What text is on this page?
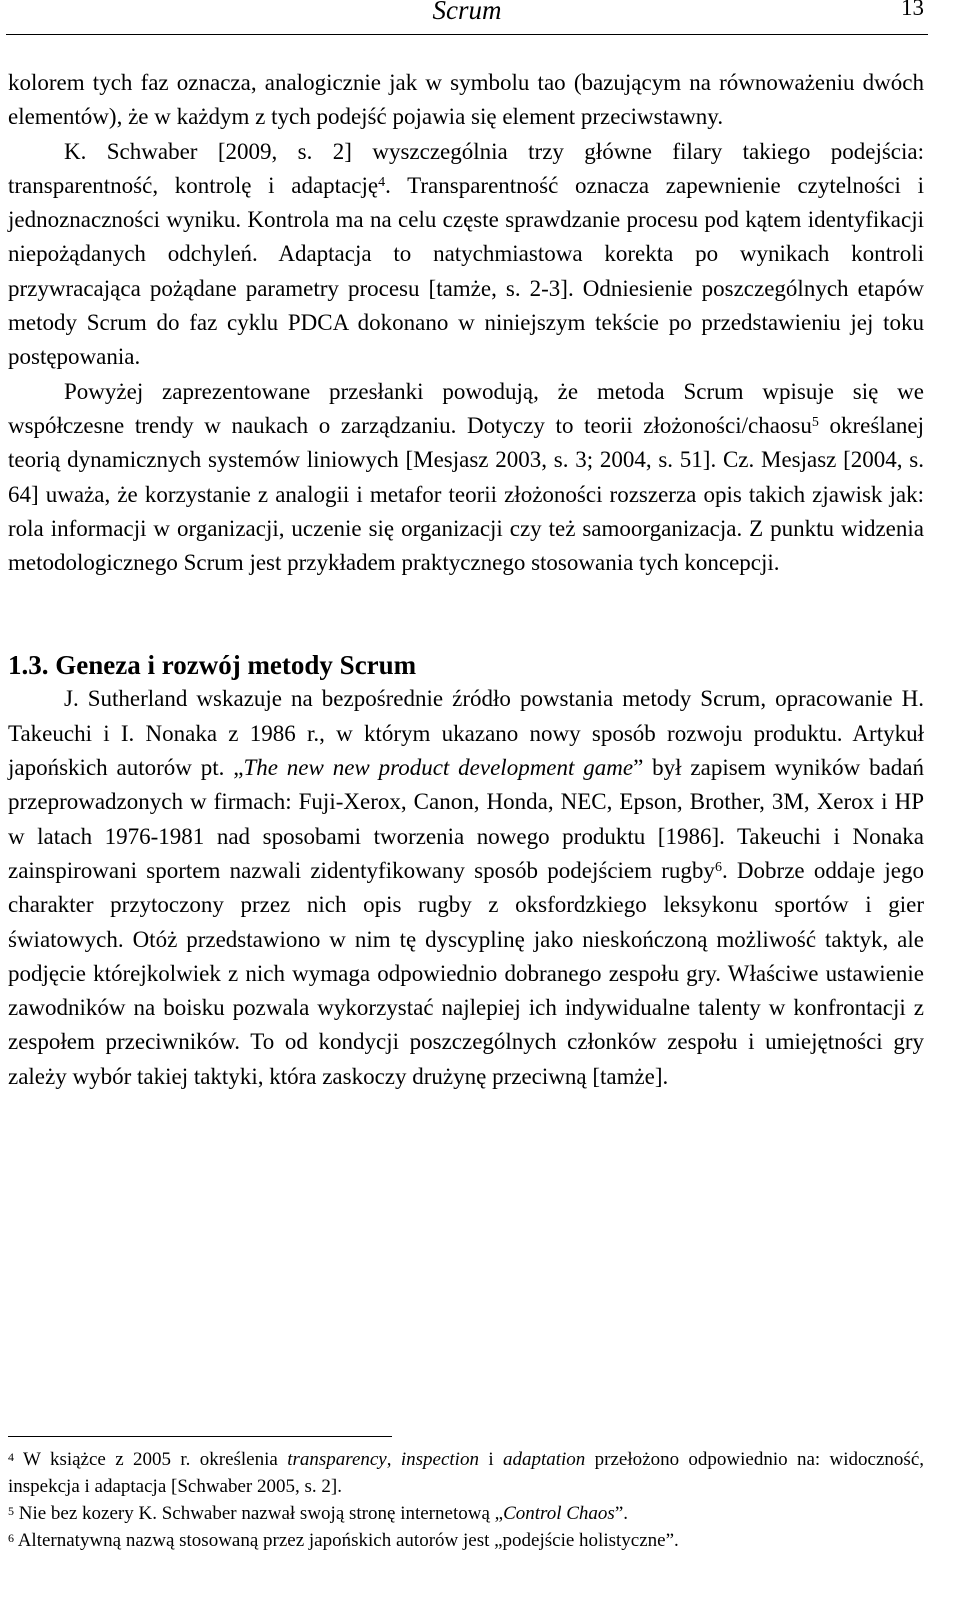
Scrum	13

kolorem tych faz oznacza, analogicznie jak w symbolu tao (bazującym na równoważeniu dwóch elementów), że w każdym z tych podejść pojawia się element przeciwstawny.

K. Schwaber [2009, s. 2] wyszczególnia trzy główne filary takiego podejścia: transparentność, kontrolę i adaptację$^4$. Transparentność oznacza zapewnienie czytelności i jednoznaczności wyniku. Kontrola ma na celu częste sprawdzanie procesu pod kątem identyfikacji niepożądanych odchyleń. Adaptacja to natychmiastowa korekta po wynikach kontroli przywracająca pożądane parametry procesu [tamże, s. 2-3]. Odniesienie poszczególnych etapów metody Scrum do faz cyklu PDCA dokonano w niniejszym tekście po przedstawieniu jej toku postępowania.

Powyżej zaprezentowane przesłanki powodują, że metoda Scrum wpisuje się we współczesne trendy w naukach o zarządzaniu. Dotyczy to teorii złożoności/chaosu$^5$ określanej teorią dynamicznych systemów liniowych [Mesjasz 2003, s. 3; 2004, s. 51]. Cz. Mesjasz [2004, s. 64] uważa, że korzystanie z analogii i metafor teorii złożoności rozszerza opis takich zjawisk jak: rola informacji w organizacji, uczenie się organizacji czy też samoorganizacja. Z punktu widzenia metodologicznego Scrum jest przykładem praktycznego stosowania tych koncepcji.

1.3. Geneza i rozwój metody Scrum

J. Sutherland wskazuje na bezpośrednie źródło powstania metody Scrum, opracowanie H. Takeuchi i I. Nonaka z 1986 r., w którym ukazano nowy sposób rozwoju produktu. Artykuł japońskich autorów pt. „The new new product development game” był zapisem wyników badań przeprowadzonych w firmach: Fuji-Xerox, Canon, Honda, NEC, Epson, Brother, 3M, Xerox i HP w latach 1976-1981 nad sposobami tworzenia nowego produktu [1986]. Takeuchi i Nonaka zainspirowani sportem nazwali zidentyfikowany sposób podejściem rugby$^6$. Dobrze oddaje jego charakter przytoczony przez nich opis rugby z oksfordzkiego leksykonu sportów i gier światowych. Otóż przedstawiono w nim tę dyscyplinę jako nieskończoną możliwość taktyk, ale podjęcie którejkolwiek z nich wymaga odpowiednio dobranego zespołu gry. Właściwe ustawienie zawodników na boisku pozwala wykorzystać najlepiej ich indywidualne talenty w konfrontacji z zespołem przeciwników. To od kondycji poszczególnych członków zespołu i umiejętności gry zależy wybór takiej taktyki, która zaskoczy drużynę przeciwną [tamże].

$^4$ W książce z 2005 r. określenia transparency, inspection i adaptation przełożono odpowiednio na: widoczność, inspekcja i adaptacja [Schwaber 2005, s. 2].

$^5$ Nie bez kozery K. Schwaber nazwał swoją stronę internetową „Control Chaos”.

$^6$ Alternatywną nazwą stosowaną przez japońskich autorów jest „podejście holistyczne”.
